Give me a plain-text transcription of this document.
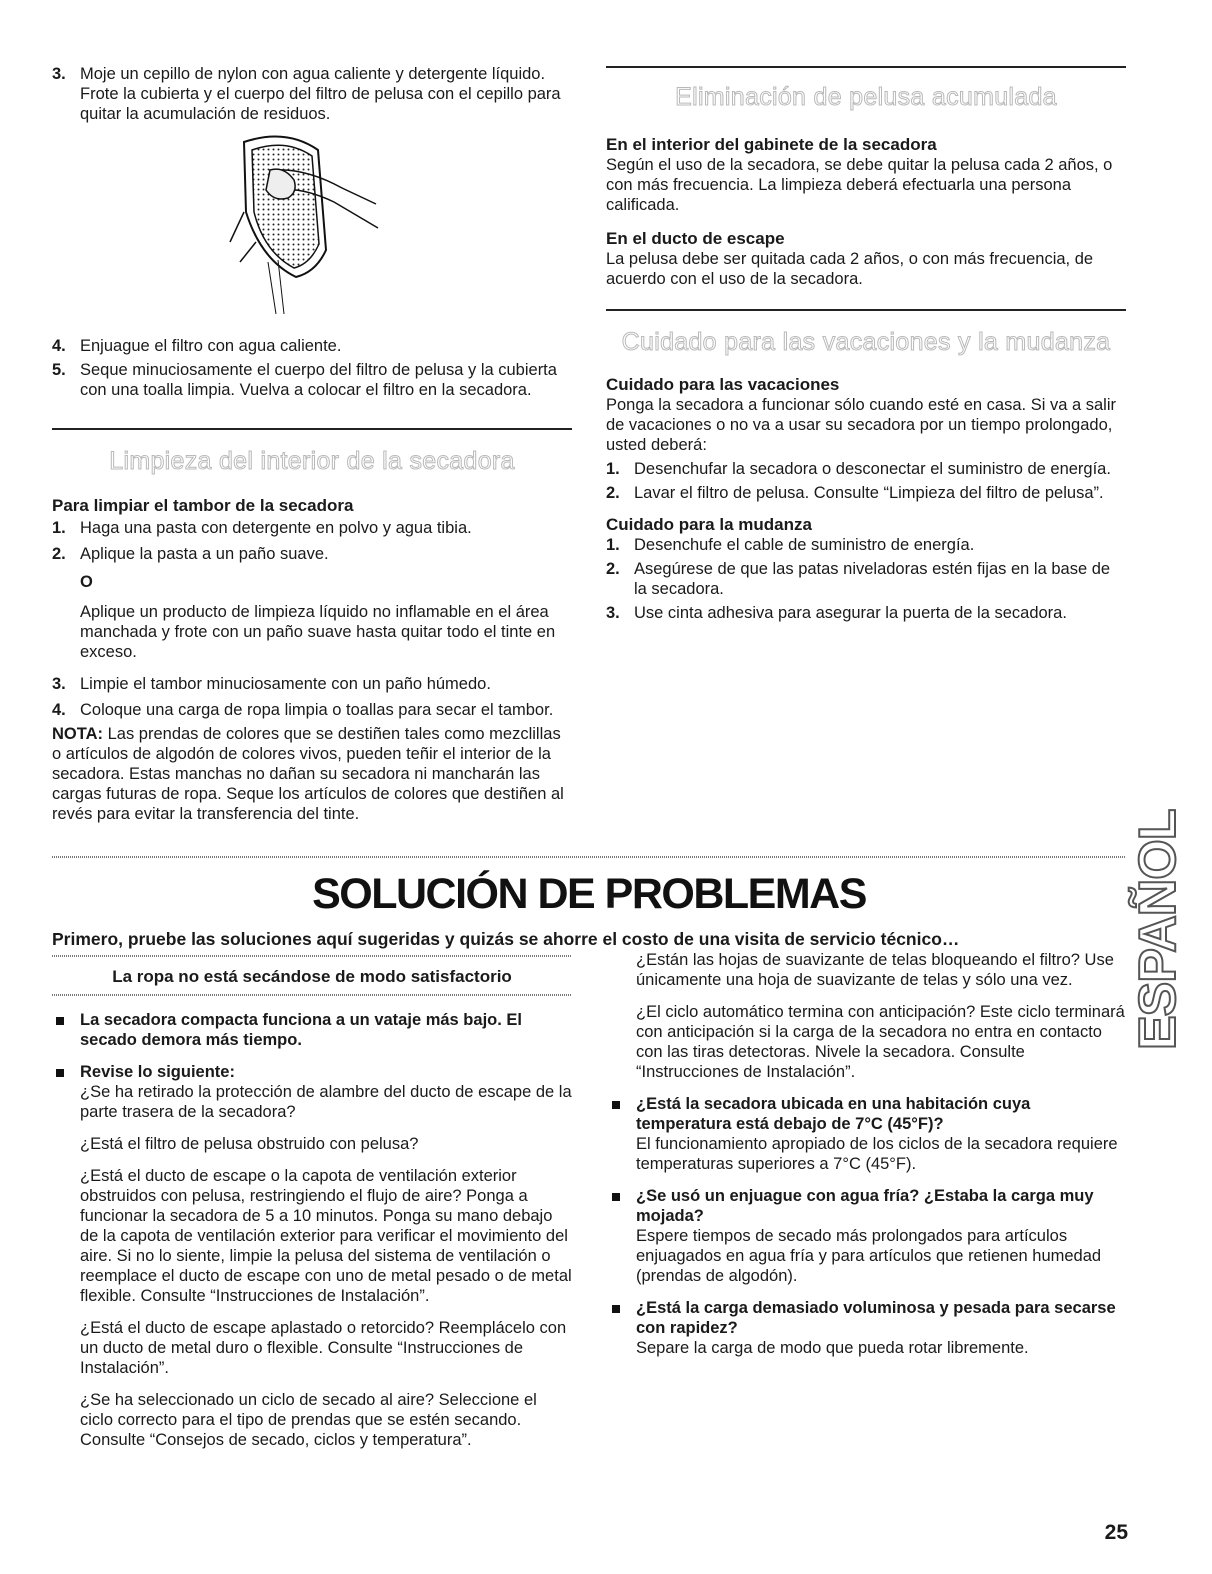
3. Moje un cepillo de nylon con agua caliente y detergente líquido. Frote la cubierta y el cuerpo del filtro de pelusa con el cepillo para quitar la acumulación de residuos.

4. Enjuague el filtro con agua caliente.

5. Seque minuciosamente el cuerpo del filtro de pelusa y la cubierta con una toalla limpia. Vuelva a colocar el filtro en la secadora.

Limpieza del interior de la secadora

Para limpiar el tambor de la secadora

1. Haga una pasta con detergente en polvo y agua tibia.

2. Aplique la pasta a un paño suave.

O

Aplique un producto de limpieza líquido no inflamable en el área manchada y frote con un paño suave hasta quitar todo el tinte en exceso.

3. Limpie el tambor minuciosamente con un paño húmedo.

4. Coloque una carga de ropa limpia o toallas para secar el tambor.

NOTA: Las prendas de colores que se destiñen tales como mezclillas o artículos de algodón de colores vivos, pueden teñir el interior de la secadora. Estas manchas no dañan su secadora ni mancharán las cargas futuras de ropa. Seque los artículos de colores que destiñen al revés para evitar la transferencia del tinte.

Eliminación de pelusa acumulada

En el interior del gabinete de la secadora

Según el uso de la secadora, se debe quitar la pelusa cada 2 años, o con más frecuencia. La limpieza deberá efectuarla una persona calificada.

En el ducto de escape

La pelusa debe ser quitada cada 2 años, o con más frecuencia, de acuerdo con el uso de la secadora.

Cuidado para las vacaciones y la mudanza

Cuidado para las vacaciones

Ponga la secadora a funcionar sólo cuando esté en casa. Si va a salir de vacaciones o no va a usar su secadora por un tiempo prolongado, usted deberá:

1. Desenchufar la secadora o desconectar el suministro de energía.

2. Lavar el filtro de pelusa. Consulte “Limpieza del filtro de pelusa”.

Cuidado para la mudanza

1. Desenchufe el cable de suministro de energía.

2. Asegúrese de que las patas niveladoras estén fijas en la base de la secadora.

3. Use cinta adhesiva para asegurar la puerta de la secadora.

ESPAÑOL
SOLUCIÓN DE PROBLEMAS
Primero, pruebe las soluciones aquí sugeridas y quizás se ahorre el costo de una visita de servicio técnico…
La ropa no está secándose de modo satisfactorio

La secadora compacta funciona a un vataje más bajo. El secado demora más tiempo.

Revise lo siguiente:

¿Se ha retirado la protección de alambre del ducto de escape de la parte trasera de la secadora?

¿Está el filtro de pelusa obstruido con pelusa?

¿Está el ducto de escape o la capota de ventilación exterior obstruidos con pelusa, restringiendo el flujo de aire? Ponga a funcionar la secadora de 5 a 10 minutos. Ponga su mano debajo de la capota de ventilación exterior para verificar el movimiento del aire. Si no lo siente, limpie la pelusa del sistema de ventilación o reemplace el ducto de escape con uno de metal pesado o de metal flexible. Consulte “Instrucciones de Instalación”.

¿Está el ducto de escape aplastado o retorcido? Reemplácelo con un ducto de metal duro o flexible. Consulte “Instrucciones de Instalación”.

¿Se ha seleccionado un ciclo de secado al aire? Seleccione el ciclo correcto para el tipo de prendas que se estén secando. Consulte “Consejos de secado, ciclos y temperatura”.

¿Están las hojas de suavizante de telas bloqueando el filtro? Use únicamente una hoja de suavizante de telas y sólo una vez.

¿El ciclo automático termina con anticipación? Este ciclo terminará con anticipación si la carga de la secadora no entra en contacto con las tiras detectoras. Nivele la secadora. Consulte “Instrucciones de Instalación”.

¿Está la secadora ubicada en una habitación cuya temperatura está debajo de 7°C (45°F)?

El funcionamiento apropiado de los ciclos de la secadora requiere temperaturas superiores a 7°C (45°F).

¿Se usó un enjuague con agua fría? ¿Estaba la carga muy mojada?

Espere tiempos de secado más prolongados para artículos enjuagados en agua fría y para artículos que retienen humedad (prendas de algodón).

¿Está la carga demasiado voluminosa y pesada para secarse con rapidez?

Separe la carga de modo que pueda rotar libremente.

25
